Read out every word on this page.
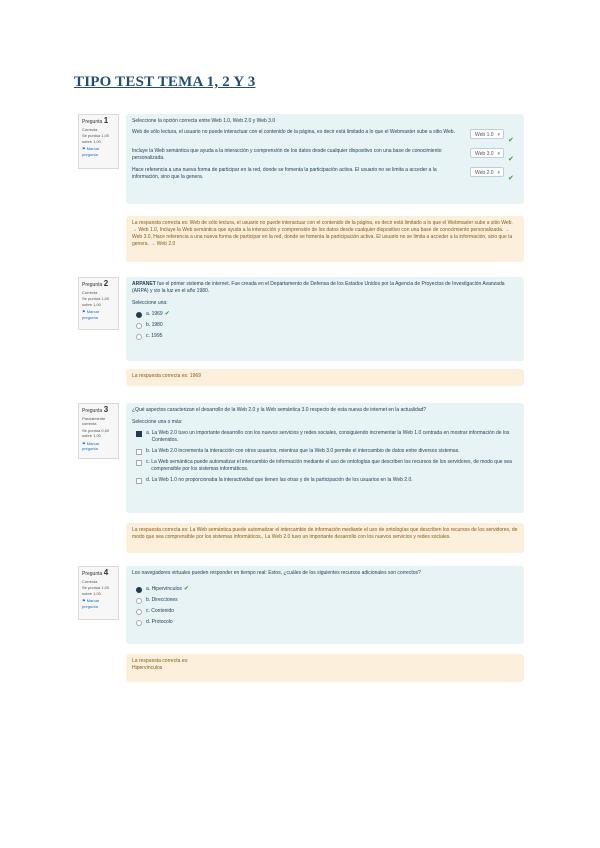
TIPO TEST TEMA 1, 2 Y 3
Pregunta 1
Correcta
Se puntúa 1,00 sobre 1,00
⚑ Marcar pregunta
Seleccione la opción correcta entre Web 1.0, Web 2.0 y Web 3.0
Web de sólo lectura, el usuario no puede interactuar con el contenido de la página, es decir está limitado a lo que el Webmaster sube a sitio Web.	Web 1.0 ▾
✔
Incluye la Web semántica que ayuda a la interacción y comprensión de los datos desde cualquier dispositivo con una base de conocimiento personalizada.
Web 3.0 ▾
✔
Hace referencia a una nueva forma de participar en la red, donde se fomenta la participación activa. El usuario no se limita a acceder a la información, sino que la genera.
Web 2.0 ▾
✔
La respuesta correcta es: Web de sólo lectura, el usuario no puede interactuar con el contenido de la página, es decir está limitado a lo que el Webmaster sube a sitio Web. → Web 1.0, Incluye la Web semántica que ayuda a la interacción y comprensión de los datos desde cualquier dispositivo con una base de conocimiento personalizada. → Web 3.0, Hace referencia a una nueva forma de participar en la red, donde se fomenta la participación activa. El usuario no se limita a acceder a la información, sino que la genera. → Web 2.0
Pregunta 2
Correcta
Se puntúa 1,00 sobre 1,00
⚑ Marcar pregunta
ARPANET fue el primer sistema de internet. Fue creada en el Departamento de Defensa de los Estados Unidos por la Agencia de Proyectos de Investigación Avanzada (ARPA) y vio la luz en el año 1980.
Seleccione una:
a.
1969 ✔
b.
1980
c.
1995
La respuesta correcta es: 1969
Pregunta 3
Parcialmente correcta
Se puntúa 0,50 sobre 1,00
⚑ Marcar pregunta
¿Qué aspectos caracterizan el desarrollo de la Web 2.0 y la Web semántica 3.0 respecto de esta nueva de internet en la actualidad?
Seleccione una o más:
a.
La Web 2.0 tuvo un importante desarrollo con los nuevos servicios y redes sociales, consiguiendo incrementar la Web 1.0 centrada en mostrar información de los Contenidos.
b.
La Web 2.0 incrementa la interacción con otros usuarios, mientras que la Web 3.0 permite el intercambio de datos entre diversos sistemas.
c.
La Web semántica puede automatizar el intercambio de información mediante el uso de ontologías que describen los recursos de los servidores, de modo que sea comprensible por los sistemas informáticos.
d.
La Web 1.0 no proporcionaba la interactividad que tienen las otras y de la participación de los usuarios en la Web 2.0.
La respuesta correcta es: La Web semántica puede automatizar el intercambio de información mediante el uso de ontologías que describen los recursos de los servidores, de modo que sea comprensible por los sistemas informáticos., La Web 2.0 tuvo un importante desarrollo con los nuevos servicios y redes sociales.
Pregunta 4
Correcta
Se puntúa 1,00 sobre 1,00
⚑ Marcar pregunta
Los navegadores virtuales pueden responder en tiempo real: Estos, ¿cuáles de los siguientes recursos adicionales son correctos?
a.
Hipervínculos ✔
b.
Direcciones
c.
Contenido
d.
Protocolo
La respuesta correcta es:
Hipervínculos
